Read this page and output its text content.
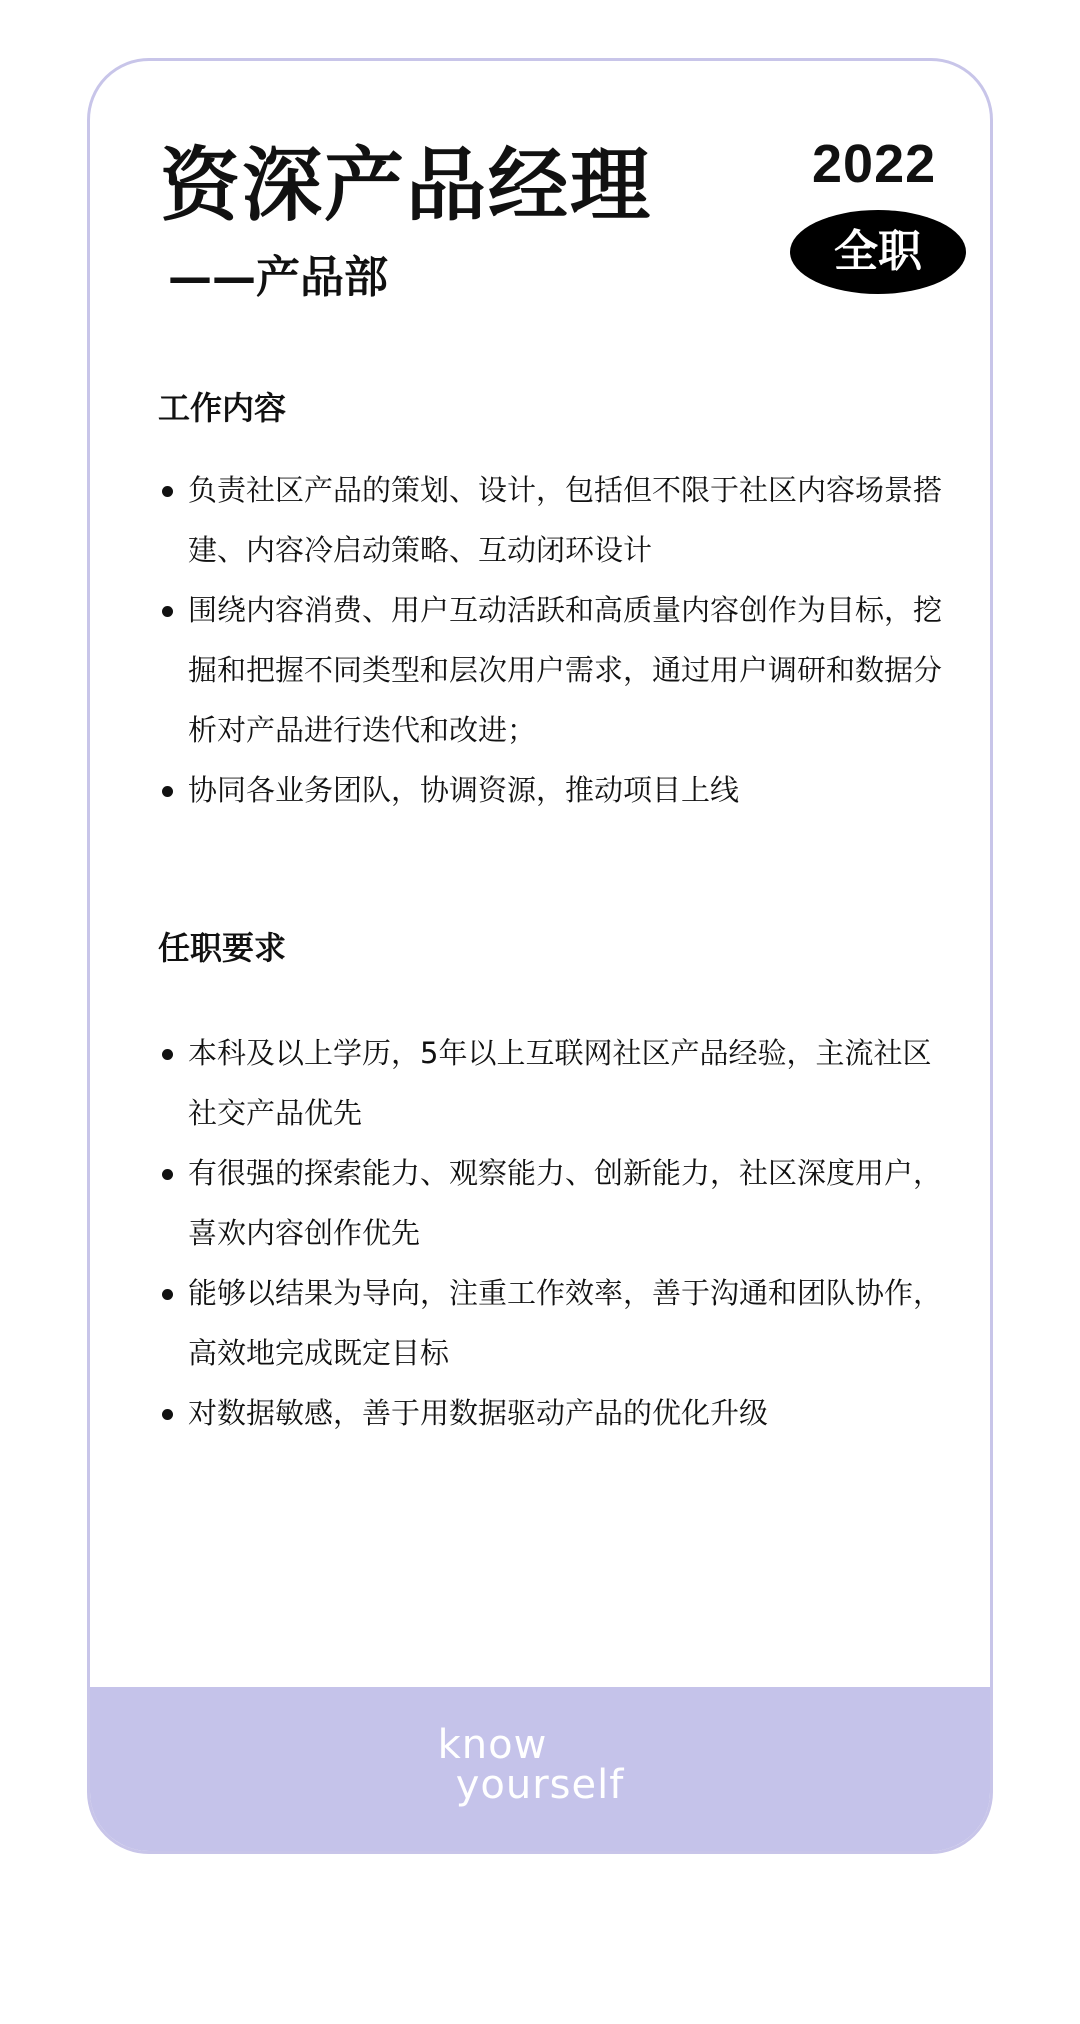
know
yourself
资深产品经理
——产品部
2022
全职
工作内容
负责社区产品的策划、设计，包括但不限于社区内容场景搭建、内容冷启动策略、互动闭环设计
围绕内容消费、用户互动活跃和高质量内容创作为目标，挖掘和把握不同类型和层次用户需求，通过用户调研和数据分析对产品进行迭代和改进；
协同各业务团队，协调资源，推动项目上线
任职要求
本科及以上学历，5年以上互联网社区产品经验，主流社区社交产品优先
有很强的探索能力、观察能力、创新能力，社区深度用户，喜欢内容创作优先
能够以结果为导向，注重工作效率，善于沟通和团队协作，高效地完成既定目标
对数据敏感，善于用数据驱动产品的优化升级
